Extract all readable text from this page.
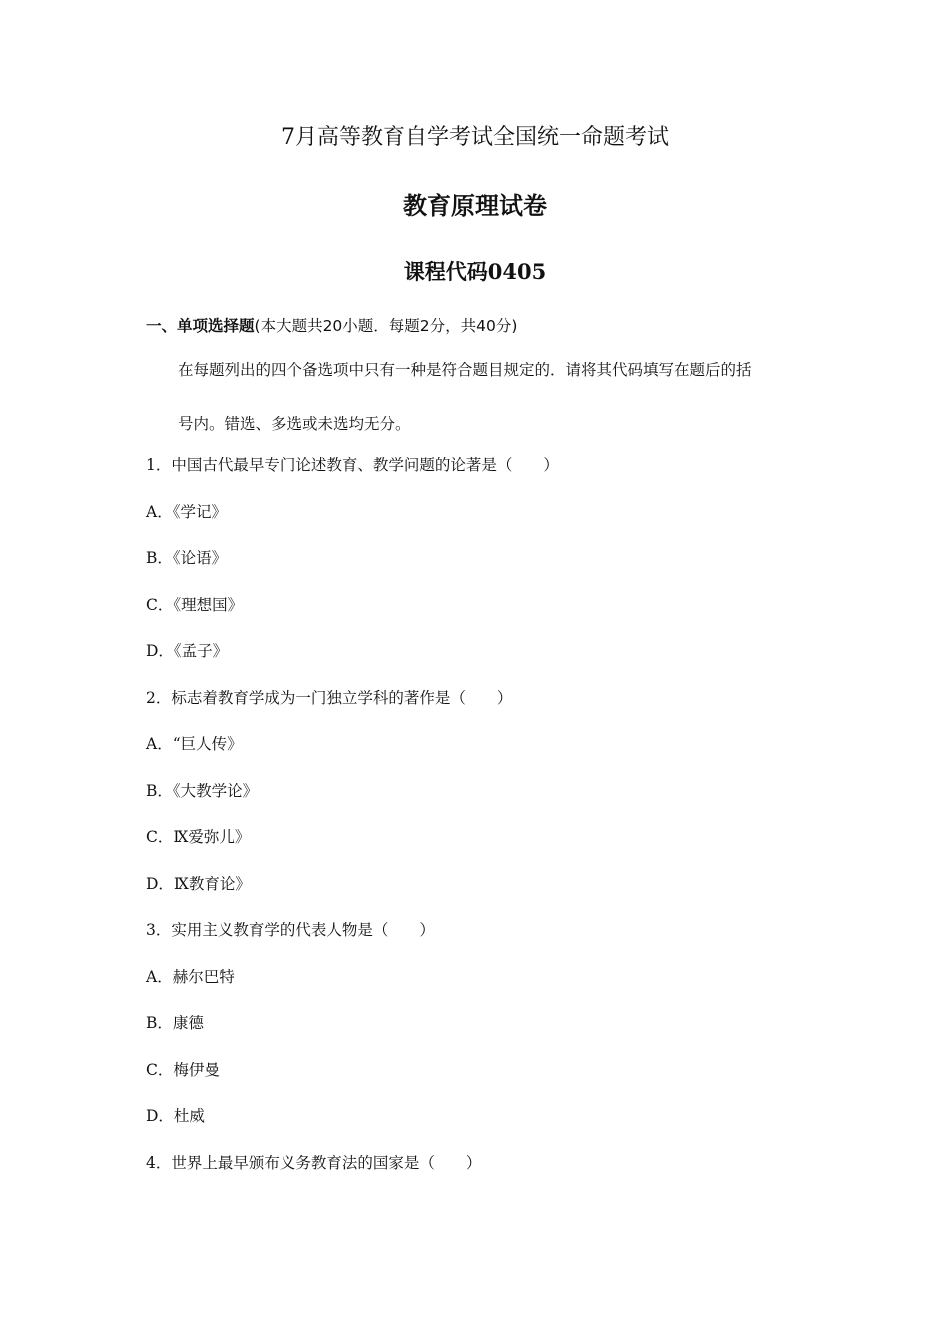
7月高等教育自学考试全国统一命题考试
教育原理试卷
课程代码0405
一、单项选择题(本大题共20小题．每题2分，共40分)
在每题列出的四个备选项中只有一种是符合题目规定的．请将其代码填写在题后的括
号内。错选、多选或未选均无分。
1．中国古代最早专门论述教育、教学问题的论著是（　　）
A．《学记》
B．《论语》
C．《理想国》
D．《孟子》
2．标志着教育学成为一门独立学科的著作是（　　）
A．“巨人传》
B．《大教学论》
C．Ⅸ爱弥儿》
D．Ⅸ教育论》
3．实用主义教育学的代表人物是（　　）
A．赫尔巴特
B．康德
C．梅伊曼
D．杜威
4．世界上最早颁布义务教育法的国家是（　　）
